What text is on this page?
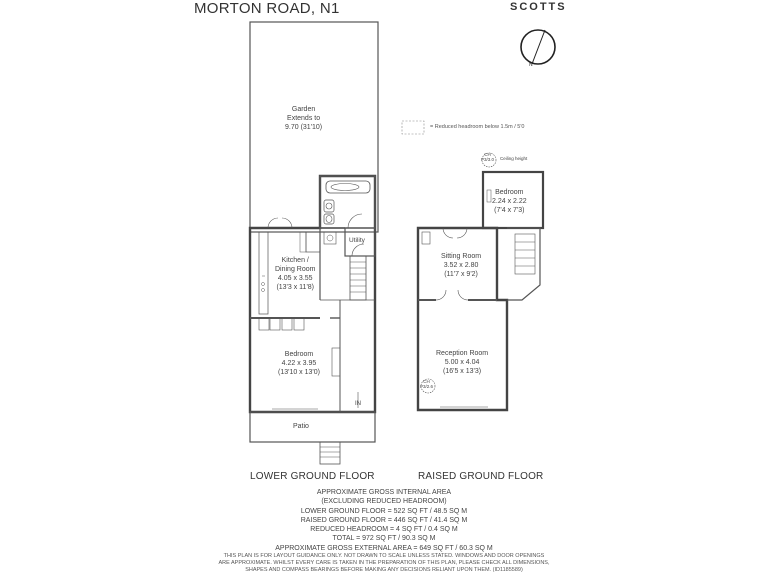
MORTON ROAD, N1	SCOTTS
N
= Reduced headroom below 1.5m / 5'0
CH
P3/3.0 Ceiling height
CH
P3/2.6
Garden
Extends to
9.70 (31'10)
Kitchen /
Dining Room
4.05 x 3.55
(13'3 x 11'8)
Utility
Bedroom
4.22 x 3.95
(13'10 x 13'0)
Patio
IN
Bedroom
2.24 x 2.22
(7'4 x 7'3)
Sitting Room
3.52 x 2.80
(11'7 x 9'2)
Reception Room
5.00 x 4.04
(16'5 x 13'3)
LOWER GROUND FLOOR	RAISED GROUND FLOOR
APPROXIMATE GROSS INTERNAL AREA
(EXCLUDING REDUCED HEADROOM)
LOWER GROUND FLOOR = 522 SQ FT / 48.5 SQ M
RAISED GROUND FLOOR = 446 SQ FT / 41.4 SQ M
REDUCED HEADROOM = 4 SQ FT / 0.4 SQ M
TOTAL = 972 SQ FT / 90.3 SQ M
APPROXIMATE GROSS EXTERNAL AREA = 649 SQ FT / 60.3 SQ M
THIS PLAN IS FOR LAYOUT GUIDANCE ONLY. NOT DRAWN TO SCALE UNLESS STATED. WINDOWS AND DOOR OPENINGS
ARE APPROXIMATE. WHILST EVERY CARE IS TAKEN IN THE PREPARATION OF THIS PLAN, PLEASE CHECK ALL DIMENSIONS,
SHAPES AND COMPASS BEARINGS BEFORE MAKING ANY DECISIONS RELIANT UPON THEM. (ID1185589)
